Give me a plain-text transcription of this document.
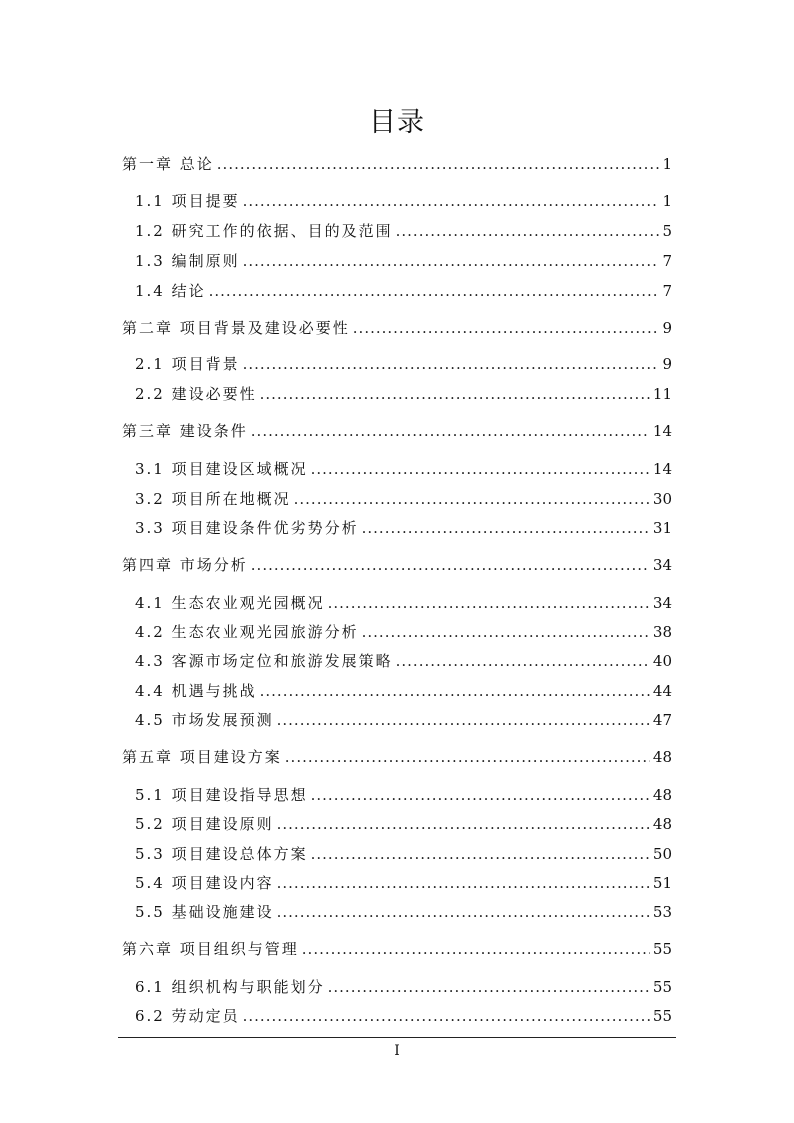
目录
第一章 总论 .....	1
1.1 项目提要 .....	1
1.2 研究工作的依据、目的及范围 .....	5
1.3 编制原则 .....	7
1.4 结论 .....	7
第二章 项目背景及建设必要性 .....	9
2.1 项目背景 .....	9
2.2 建设必要性 .....	11
第三章 建设条件 .....	14
3.1 项目建设区域概况 .....	14
3.2 项目所在地概况 .....	30
3.3 项目建设条件优劣势分析 .....	31
第四章 市场分析 .....	34
4.1 生态农业观光园概况 .....	34
4.2 生态农业观光园旅游分析 .....	38
4.3 客源市场定位和旅游发展策略 .....	40
4.4 机遇与挑战 .....	44
4.5 市场发展预测 .....	47
第五章 项目建设方案 .....	48
5.1 项目建设指导思想 .....	48
5.2 项目建设原则 .....	48
5.3 项目建设总体方案 .....	50
5.4 项目建设内容 .....	51
5.5 基础设施建设 .....	53
第六章 项目组织与管理 .....	55
6.1 组织机构与职能划分 .....	55
6.2 劳动定员 .....	55
I
